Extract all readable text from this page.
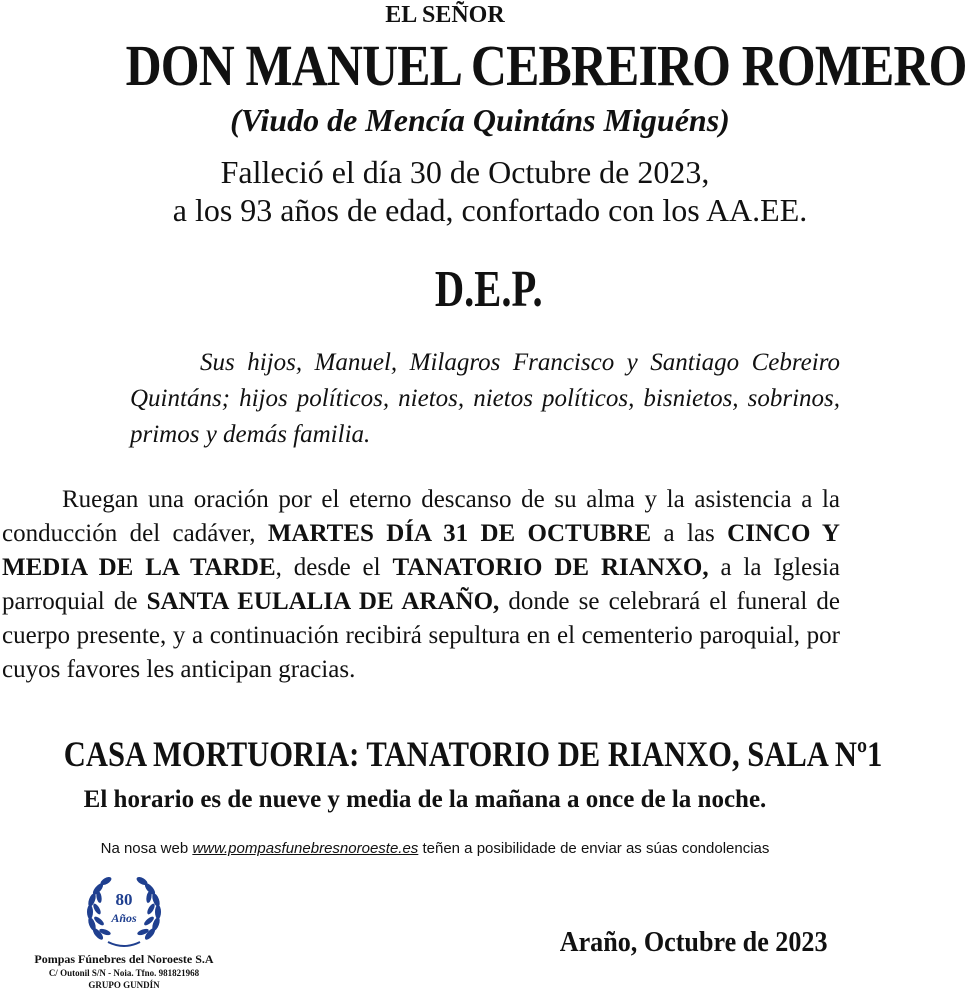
EL SEÑOR
DON MANUEL CEBREIRO ROMERO
(Viudo de Mencía Quintáns Miguéns)
Falleció el día 30 de Octubre de 2023,
a los 93 años de edad, confortado con los AA.EE.
D.E.P.
Sus hijos, Manuel, Milagros Francisco y Santiago Cebreiro Quintáns; hijos políticos, nietos, nietos políticos, bisnietos, sobrinos, primos y demás familia.
Ruegan una oración por el eterno descanso de su alma y la asistencia a la conducción del cadáver, MARTES DÍA 31 DE OCTUBRE a las CINCO Y MEDIA DE LA TARDE, desde el TANATORIO DE RIANXO, a la Iglesia parroquial de SANTA EULALIA DE ARAÑO, donde se celebrará el funeral de cuerpo presente, y a continuación recibirá sepultura en el cementerio paroquial, por cuyos favores les anticipan gracias.
CASA MORTUORIA: TANATORIO DE RIANXO, SALA Nº1
El horario es de nueve y media de la mañana a once de la noche.
Na nosa web www.pompasfunebresnoroeste.es teñen a posibilidade de enviar as súas condolencias
80
Años
Pompas Fúnebres del Noroeste S.A
C/ Outonil S/N - Noia. Tfno. 981821968
GRUPO GUNDÍN
Araño, Octubre de 2023
